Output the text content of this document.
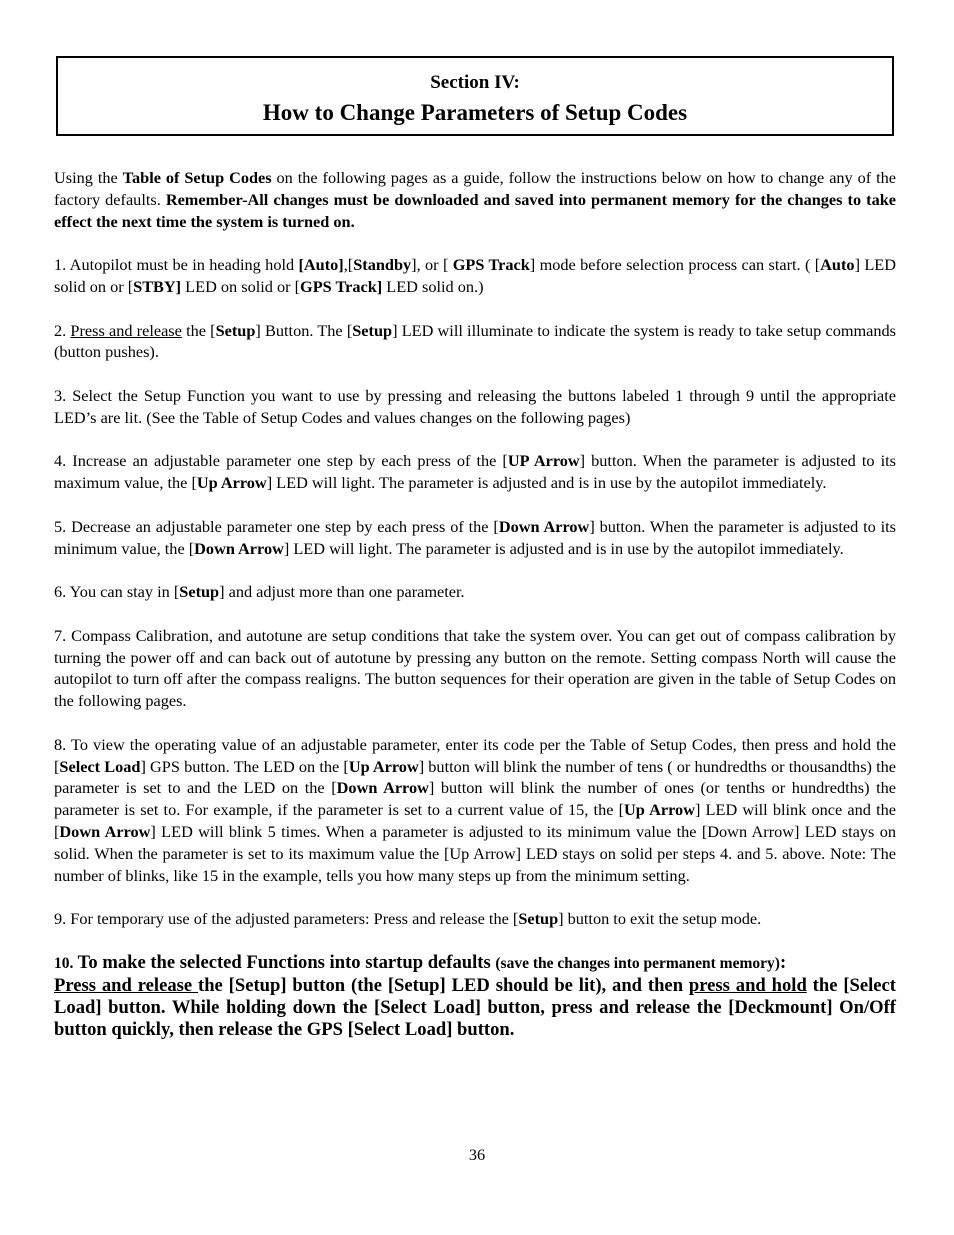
Section IV:
How to Change Parameters of Setup Codes

Using the Table of Setup Codes on the following pages as a guide, follow the instructions below on how to change any of the factory defaults. Remember-All changes must be downloaded and saved into permanent memory for the changes to take effect the next time the system is turned on.

1. Autopilot must be in heading hold [Auto],[Standby], or [ GPS Track] mode before selection process can start. ( [Auto] LED solid on or [STBY] LED on solid or [GPS Track] LED solid on.)

2. Press and release the [Setup] Button. The [Setup] LED will illuminate to indicate the system is ready to take setup commands (button pushes).

3. Select the Setup Function you want to use by pressing and releasing the buttons labeled 1 through 9 until the appropriate LED’s are lit. (See the Table of Setup Codes and values changes on the following pages)

4. Increase an adjustable parameter one step by each press of the [UP Arrow] button. When the parameter is adjusted to its maximum value, the [Up Arrow] LED will light. The parameter is adjusted and is in use by the autopilot immediately.

5. Decrease an adjustable parameter one step by each press of the [Down Arrow] button. When the parameter is adjusted to its minimum value, the [Down Arrow] LED will light. The parameter is adjusted and is in use by the autopilot immediately.

6. You can stay in [Setup] and adjust more than one parameter.

7. Compass Calibration, and autotune are setup conditions that take the system over. You can get out of compass calibration by turning the power off and can back out of autotune by pressing any button on the remote. Setting compass North will cause the autopilot to turn off after the compass realigns. The button sequences for their operation are given in the table of Setup Codes on the following pages.

8. To view the operating value of an adjustable parameter, enter its code per the Table of Setup Codes, then press and hold the [Select Load] GPS button. The LED on the [Up Arrow] button will blink the number of tens ( or hundredths or thousandths) the parameter is set to and the LED on the [Down Arrow] button will blink the number of ones (or tenths or hundredths) the parameter is set to. For example, if the parameter is set to a current value of 15, the [Up Arrow] LED will blink once and the [Down Arrow] LED will blink 5 times. When a parameter is adjusted to its minimum value the [Down Arrow] LED stays on solid. When the parameter is set to its maximum value the [Up Arrow] LED stays on solid per steps 4. and 5. above. Note: The number of blinks, like 15 in the example, tells you how many steps up from the minimum setting.

9. For temporary use of the adjusted parameters: Press and release the [Setup] button to exit the setup mode.

10. To make the selected Functions into startup defaults (save the changes into permanent memory):
Press and release the [Setup] button (the [Setup] LED should be lit), and then press and hold the [Select Load] button. While holding down the [Select Load] button, press and release the [Deckmount] On/Off button quickly, then release the GPS [Select Load] button.

36
